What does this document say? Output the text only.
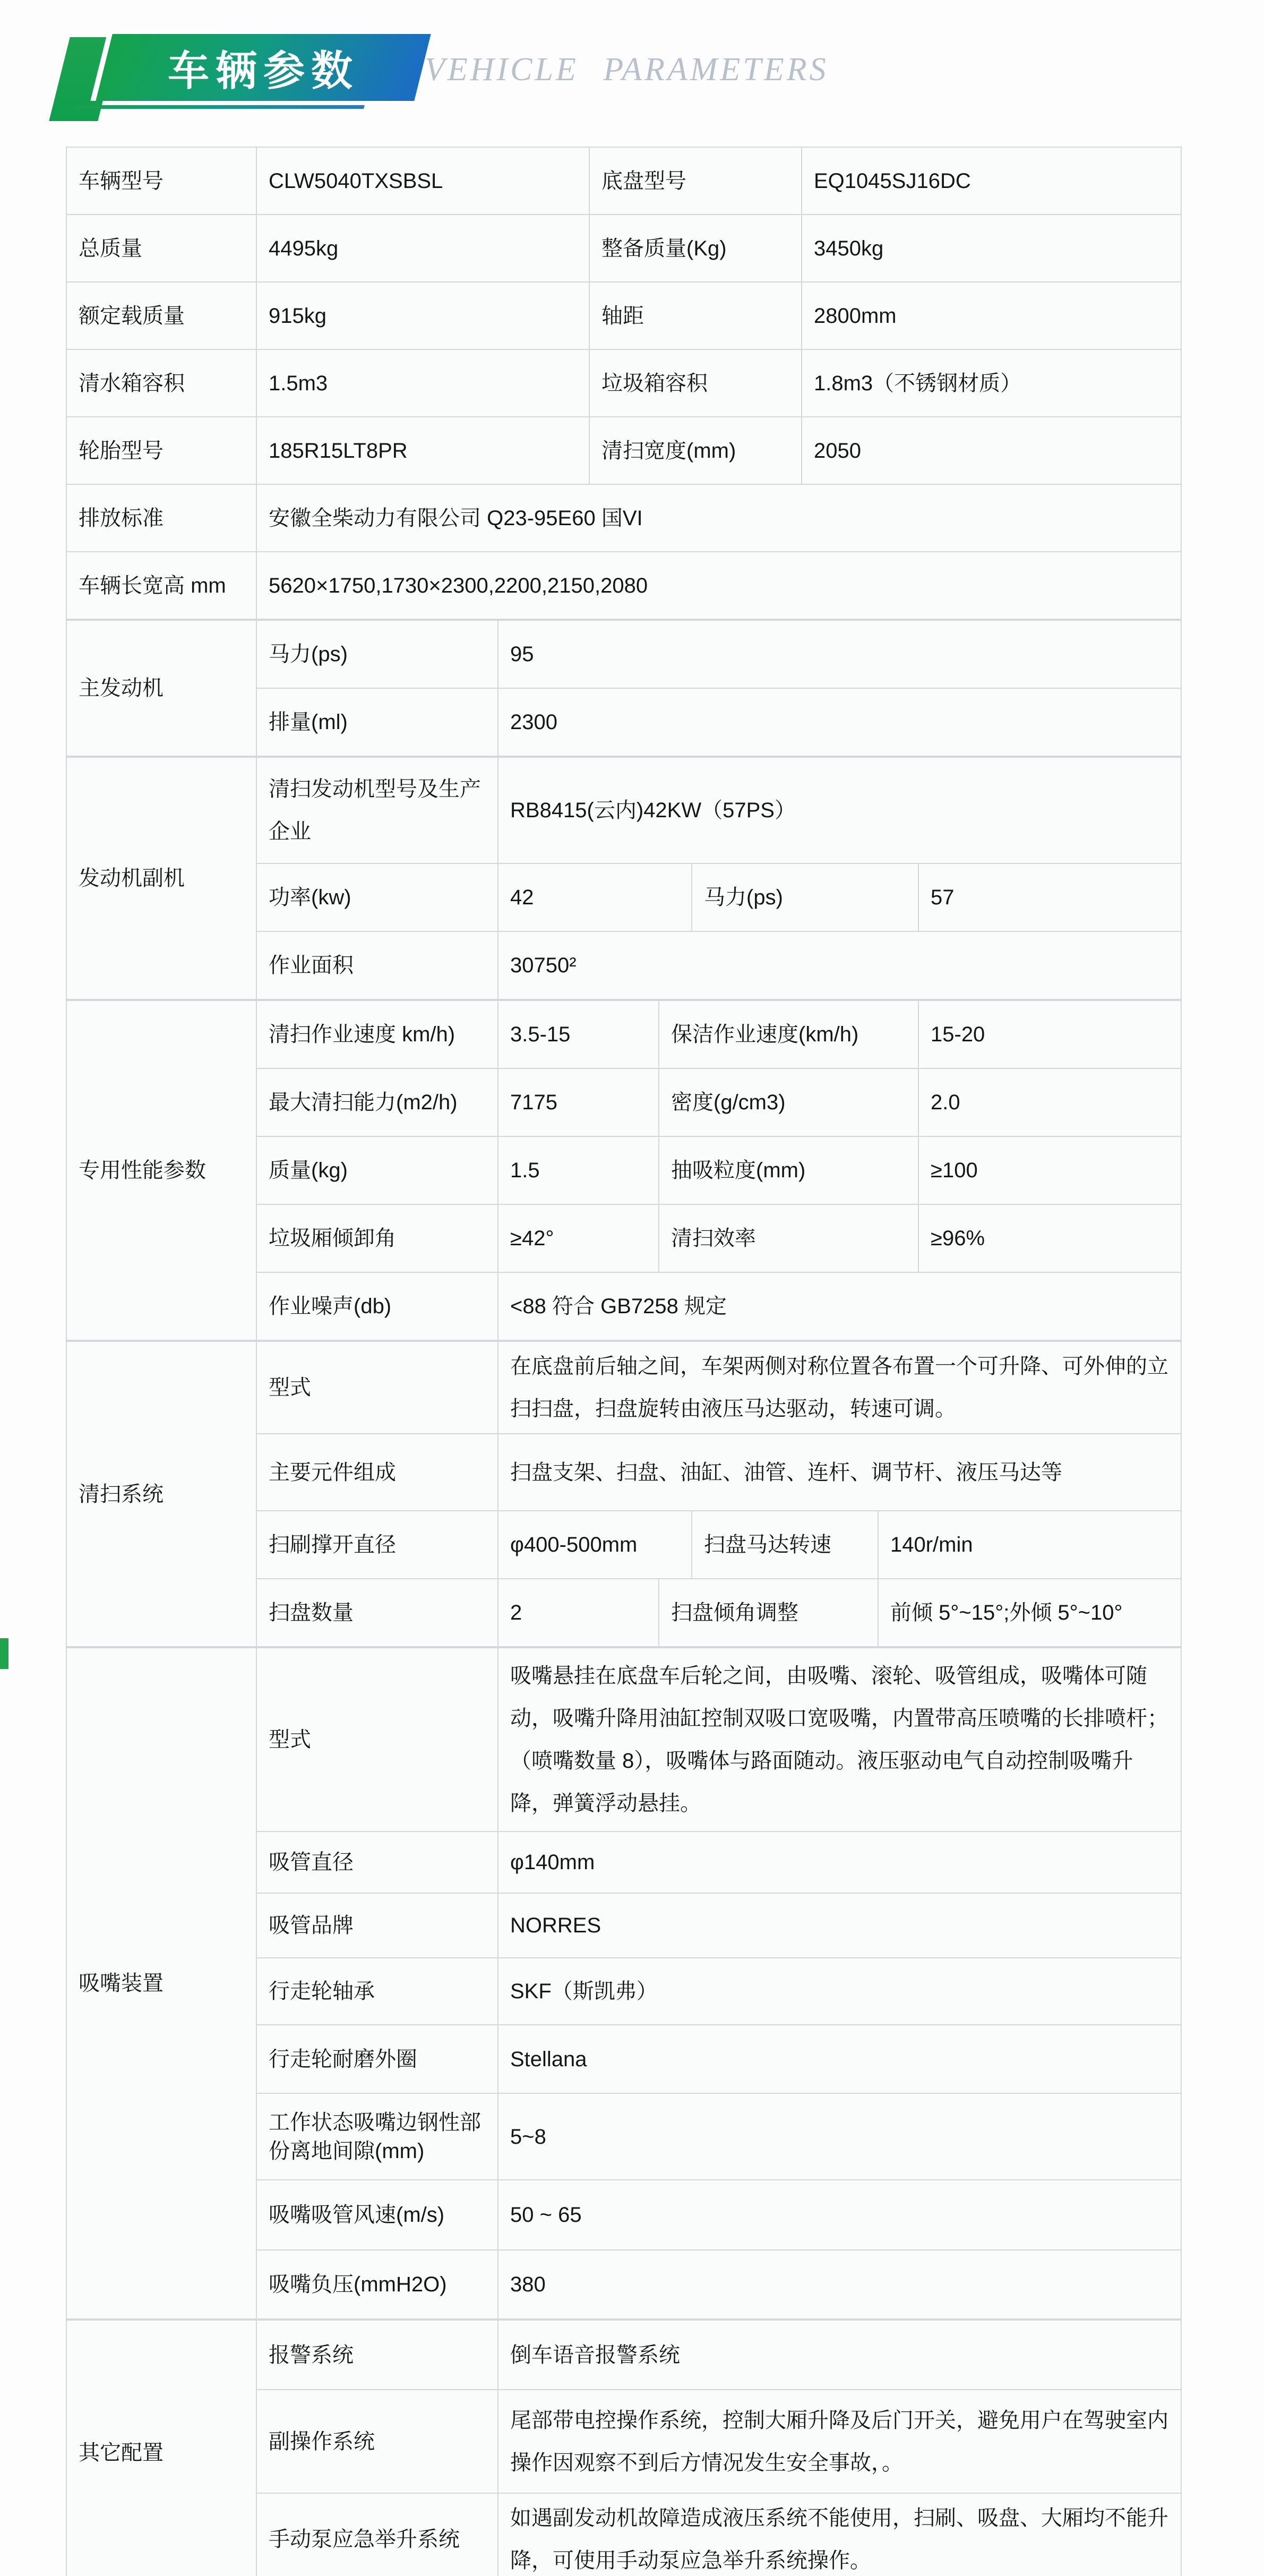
车辆参数 VEHICLE PARAMETERS
车辆型号	CLW5040TXSBSL	底盘型号	EQ1045SJ16DC
总质量	4495kg	整备质量(Kg)	3450kg
额定载质量	915kg	轴距	2800mm
清水箱容积	1.5m3	垃圾箱容积	1.8m3（不锈钢材质）
轮胎型号	185R15LT8PR	清扫宽度(mm)	2050
排放标准	安徽全柴动力有限公司 Q23-95E60 国VI		
车辆长宽高 mm	5620×1750,1730×2300,2200,2150,2080		
主发动机	马力(ps)	95
	排量(ml)	2300
发动机副机	清扫发动机型号及生产企业	RB8415(云内)42KW（57PS）		
	功率(kw)	42	马力(ps)	57
	作业面积	30750²		
专用性能参数	清扫作业速度 km/h)	3.5-15	保洁作业速度(km/h)	15-20
	最大清扫能力(m2/h)	7175	密度(g/cm3)	2.0
	质量(kg)	1.5	抽吸粒度(mm)	≥100
	垃圾厢倾卸角	≥42°	清扫效率	≥96%
	作业噪声(db)	<88 符合 GB7258 规定		
清扫系统	型式	在底盘前后轴之间，车架两侧对称位置各布置一个可升降、可外伸的立扫扫盘，扫盘旋转由液压马达驱动，转速可调。			
	主要元件组成	扫盘支架、扫盘、油缸、油管、连杆、调节杆、液压马达等			
	扫刷撑开直径	φ400-500mm		扫盘马达转速	140r/min
	扫盘数量	2	扫盘倾角调整		前倾 5°~15°;外倾 5°~10°
吸嘴装置	型式	吸嘴悬挂在底盘车后轮之间，由吸嘴、滚轮、吸管组成，吸嘴体可随动，吸嘴升降用油缸控制双吸口宽吸嘴，内置带高压喷嘴的长排喷杆；（喷嘴数量 8），吸嘴体与路面随动。液压驱动电气自动控制吸嘴升降，弹簧浮动悬挂。
	吸管直径	φ140mm
	吸管品牌	NORRES
	行走轮轴承	SKF（斯凯弗）
	行走轮耐磨外圈	Stellana
	工作状态吸嘴边钢性部份离地间隙(mm)	5~8
	吸嘴吸管风速(m/s)	50 ~ 65
	吸嘴负压(mmH2O)	380
其它配置	报警系统	倒车语音报警系统
	副操作系统	尾部带电控操作系统，控制大厢升降及后门开关，避免用户在驾驶室内操作因观察不到后方情况发生安全事故，。
	手动泵应急举升系统	如遇副发动机故障造成液压系统不能使用，扫刷、吸盘、大厢均不能升降，可使用手动泵应急举升系统操作。
